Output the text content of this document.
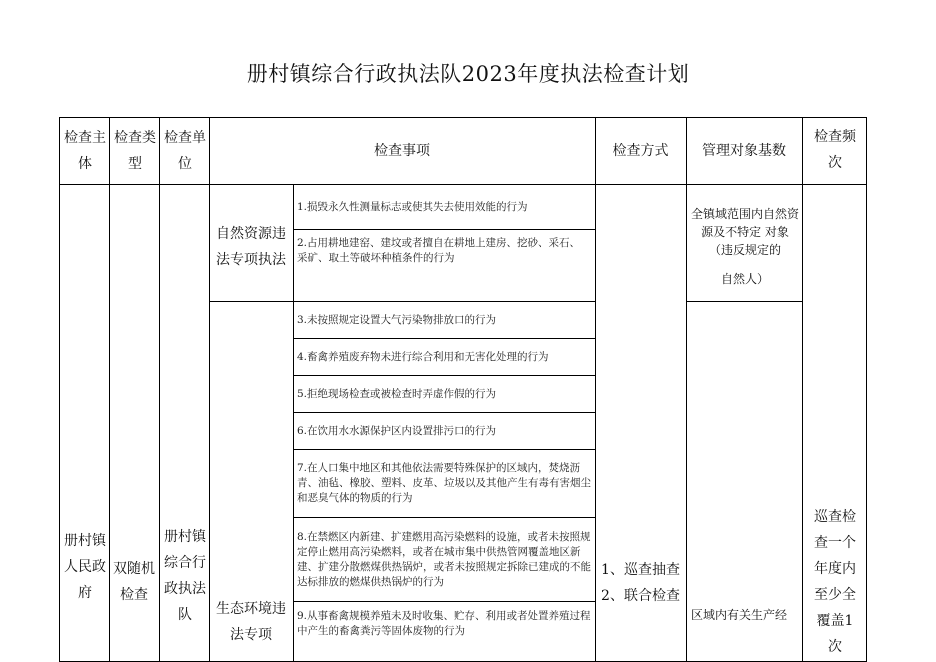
册村镇综合行政执法队2023年度执法检查计划
检查主体
检查类型
检查单位
检查事项	检查方式	管理对象基数
检查频次
册村镇人民政府
双随机检查
册村镇综合行政执法队
自然资源违法专项执法
生态环境违法专项
1、巡查抽查
2、联合检查
全镇域范围内自然资源及不特定 对象（违反规定的
自然人）
区域内有关生产经
巡查检查一个年度内至少全覆盖1次
1.损毁永久性测量标志或使其失去使用效能的行为
2.占用耕地建窑、建坟或者擅自在耕地上建房、挖砂、采石、 采矿、取土等破坏种植条件的行为
3.未按照规定设置大气污染物排放口的行为
4.畜禽养殖废弃物未进行综合利用和无害化处理的行为
5.拒绝现场检查或被检查时弄虚作假的行为
6.在饮用水水源保护区内设置排污口的行为
7.在人口集中地区和其他依法需要特殊保护的区域内，焚烧沥青、油毡、橡胶、塑料、皮革、垃圾以及其他产生有毒有害烟尘和恶臭气体的物质的行为
8.在禁燃区内新建、扩建燃用高污染燃料的设施，或者未按照规定停止燃用高污染燃料，或者在城市集中供热管网覆盖地区新建、扩建分散燃煤供热锅炉，或者未按照规定拆除已建成的不能达标排放的燃煤供热锅炉的行为
9.从事畜禽规模养殖未及时收集、贮存、利用或者处置养殖过程中产生的畜禽粪污等固体废物的行为
